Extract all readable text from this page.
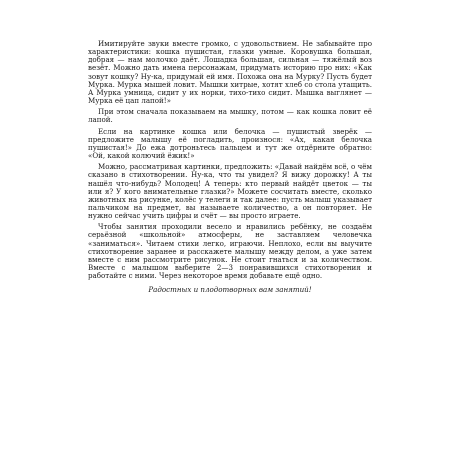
Имитируйте звуки вместе громко, с удовольствием. Не забывайте про характеристики: кошка пушистая, глазки умные. Коровушка большая, добрая — нам молочко даёт. Лошадка большая, сильная — тяжёлый воз везёт. Можно дать имена персонажам, придумать историю про них: «Как зовут кошку? Ну-ка, придумай ей имя. Похожа она на Мурку? Пусть будет Мурка. Мурка мышей ловит. Мышки хитрые, хотят хлеб со стола утащить. А Мурка умница, сидит у их норки, тихо-тихо сидит. Мышка выглянет — Мурка её цап лапой!»

При этом сначала показываем на мышку, потом — как кошка ловит её лапой.

Если на картинке кошка или белочка — пушистый зверёк — предложите малышу её погладить, произнося: «Ах, какая белочка пушистая!» До ежа дотроньтесь пальцем и тут же отдёрните обратно: «Ой, какой колючий ёжик!»

Можно, рассматривая картинки, предложить: «Давай найдём всё, о чём сказано в стихотворении. Ну-ка, что ты увидел? Я вижу дорожку! А ты нашёл что-нибудь? Молодец! А теперь: кто первый найдёт цветок — ты или я? У кого внимательные глазки?» Можете сосчитать вместе, сколько животных на рисунке, колёс у телеги и так далее: пусть малыш указывает пальчиком на предмет, вы называете количество, а он повторяет. Не нужно сейчас учить цифры и счёт — вы просто играете.

Чтобы занятия проходили весело и нравились ребёнку, не создаём серьёзной «школьной» атмосферы, не заставляем человечка «заниматься». Читаем стихи легко, играючи. Неплохо, если вы выучите стихотворение заранее и расскажете малышу между делом, а уже затем вместе с ним рассмотрите рисунок. Не стоит гнаться и за количеством. Вместе с малышом выберите 2—3 понравившихся стихотворения и работайте с ними. Через некоторое время добавьте ещё одно.

Радостных и плодотворных вам занятий!
